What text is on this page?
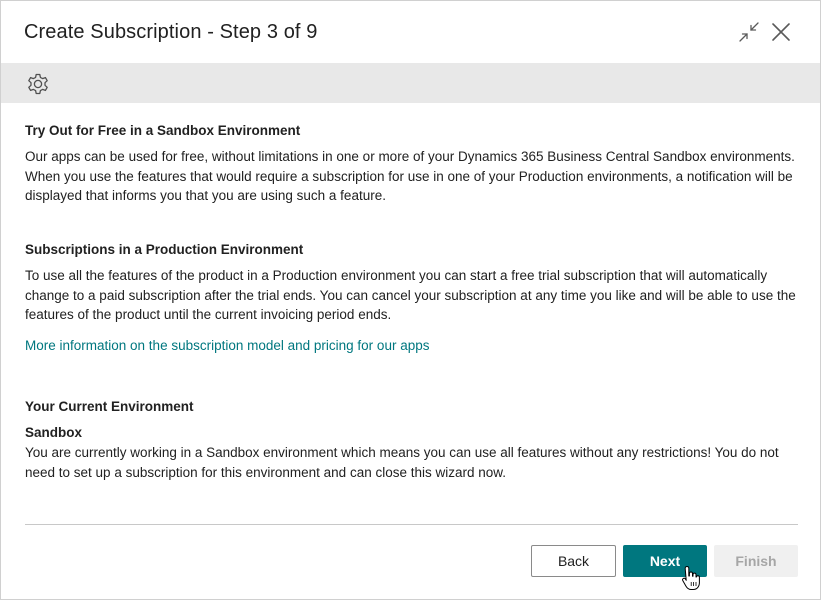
Create Subscription - Step 3 of 9
Try Out for Free in a Sandbox Environment
Our apps can be used for free, without limitations in one or more of your Dynamics 365 Business Central Sandbox environments. When you use the features that would require a subscription for use in one of your Production environments, a notification will be displayed that informs you that you are using such a feature.
Subscriptions in a Production Environment
To use all the features of the product in a Production environment you can start a free trial subscription that will automatically change to a paid subscription after the trial ends. You can cancel your subscription at any time you like and will be able to use the features of the product until the current invoicing period ends.
More information on the subscription model and pricing for our apps
Your Current Environment
Sandbox
You are currently working in a Sandbox environment which means you can use all features without any restrictions! You do not need to set up a subscription for this environment and can close this wizard now.
Back	Next	Finish
